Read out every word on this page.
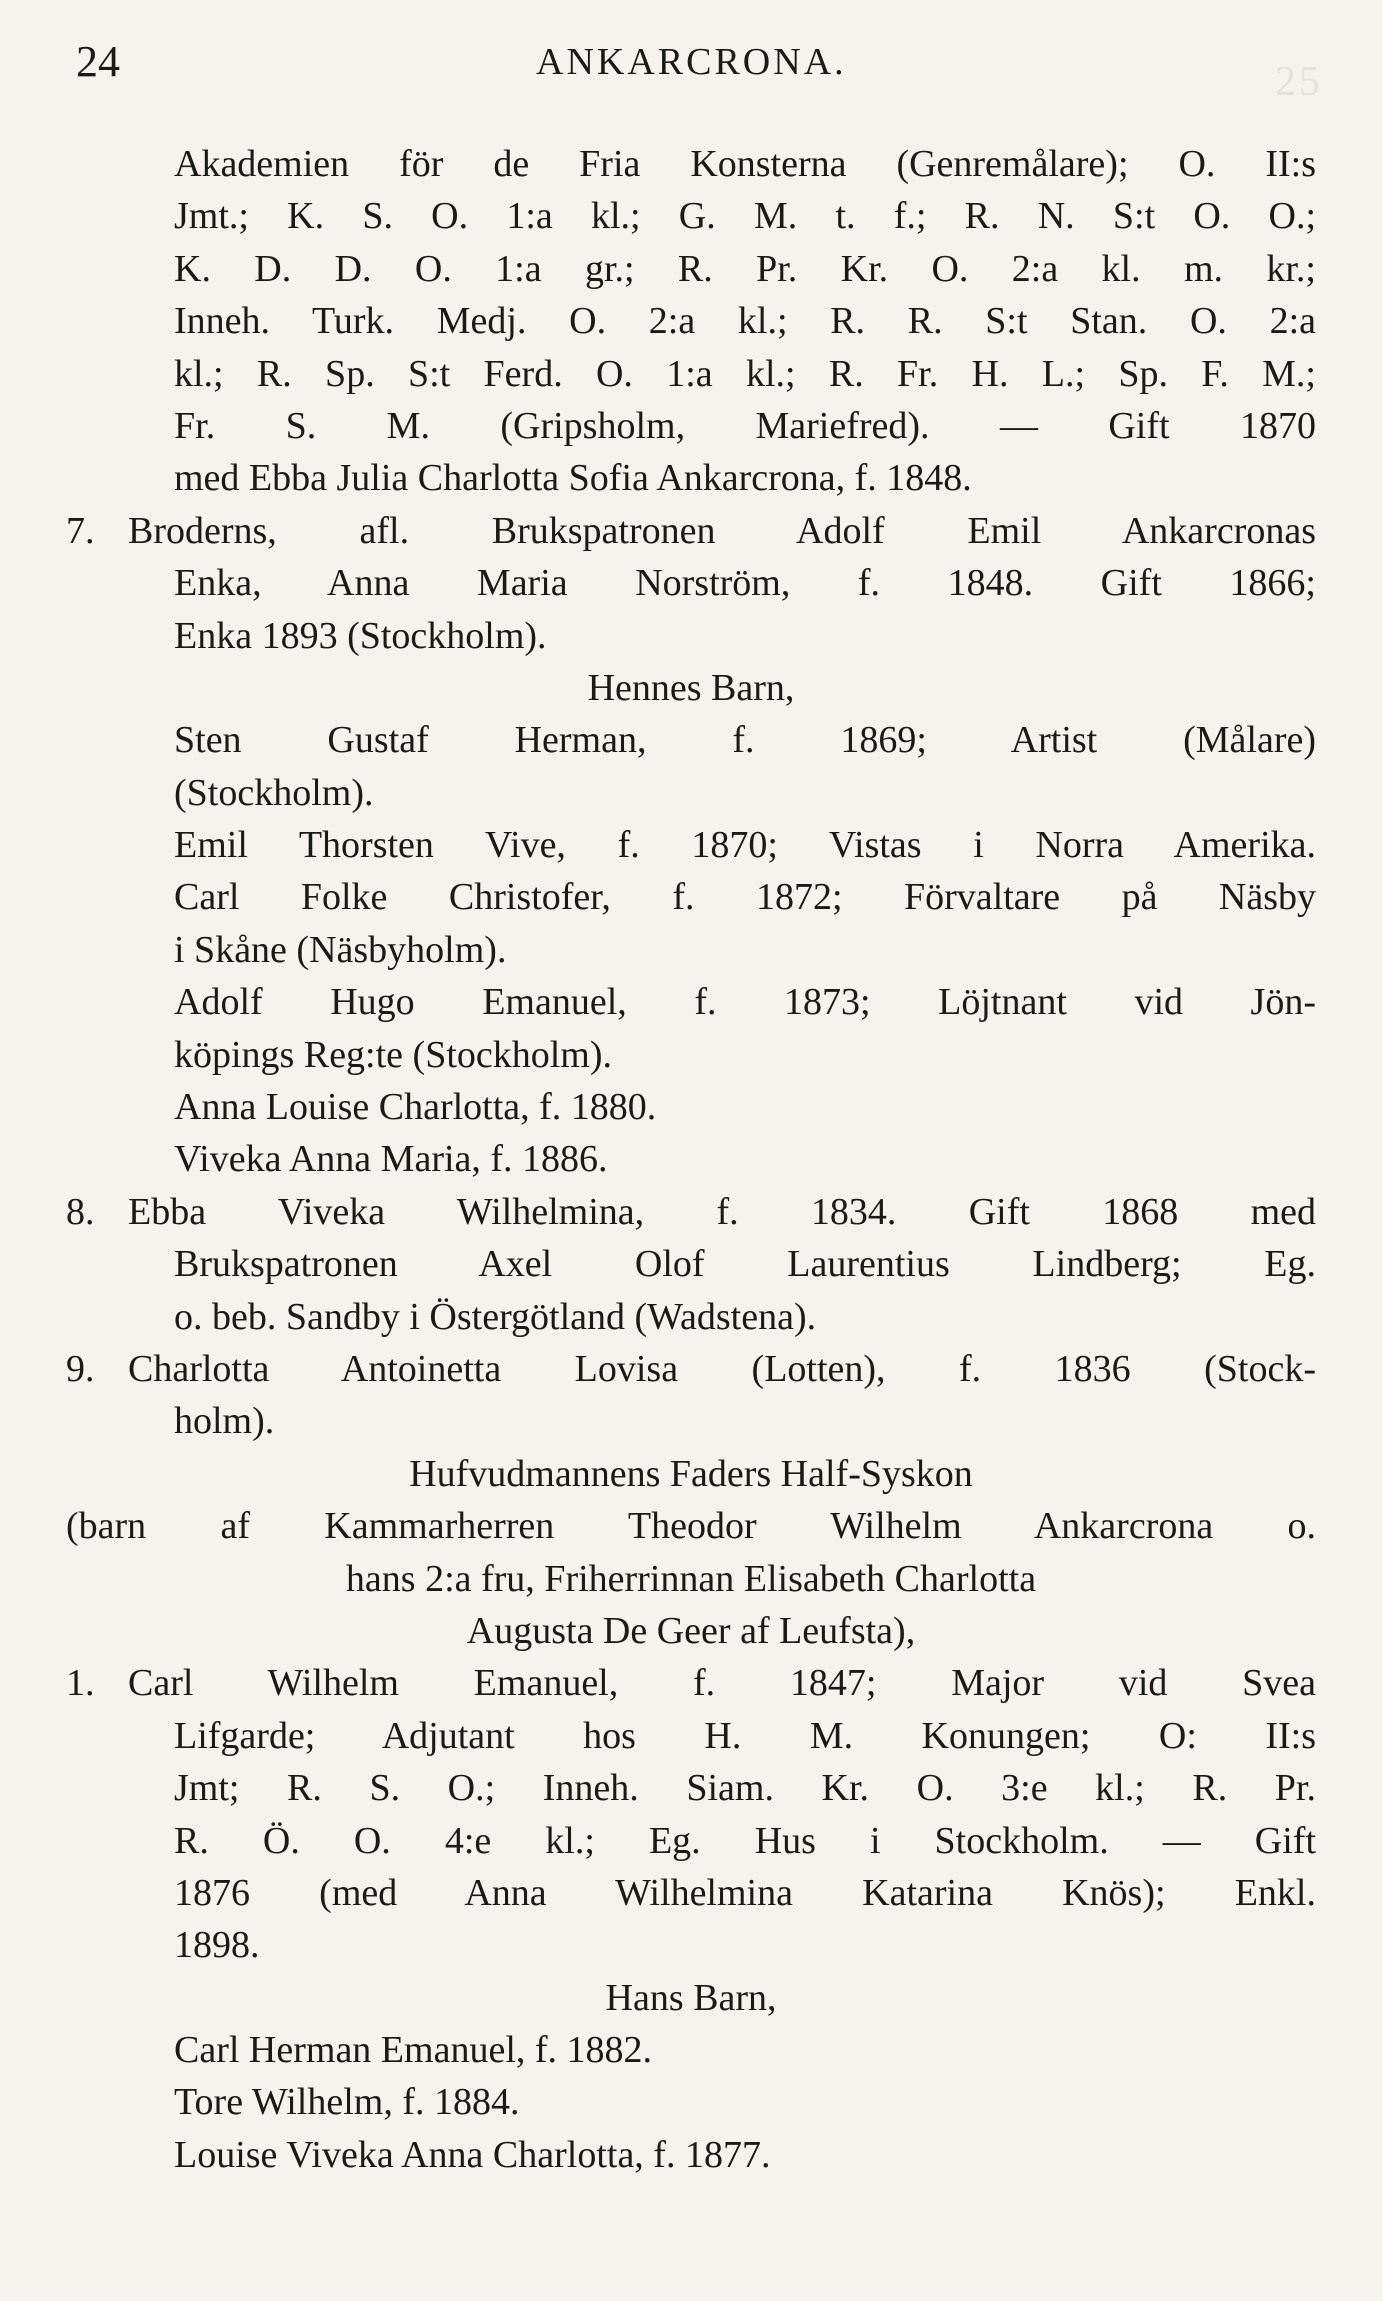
25
24	ANKARCRONA.
Akademien för de Fria Konsterna (Genremålare); O. II:s
Jmt.; K. S. O. 1:a kl.; G. M. t. f.; R. N. S:t O. O.;
K. D. D. O. 1:a gr.; R. Pr. Kr. O. 2:a kl. m. kr.;
Inneh. Turk. Medj. O. 2:a kl.; R. R. S:t Stan. O. 2:a
kl.; R. Sp. S:t Ferd. O. 1:a kl.; R. Fr. H. L.; Sp. F. M.;
Fr. S. M. (Gripsholm, Mariefred). — Gift 1870
med Ebba Julia Charlotta Sofia Ankarcrona, f. 1848.
7. Broderns, afl. Brukspatronen Adolf Emil Ankarcronas
Enka, Anna Maria Norström, f. 1848. Gift 1866;
Enka 1893 (Stockholm).
Hennes Barn,
Sten Gustaf Herman, f. 1869; Artist (Målare)
(Stockholm).
Emil Thorsten Vive, f. 1870; Vistas i Norra Amerika.
Carl Folke Christofer, f. 1872; Förvaltare på Näsby
i Skåne (Näsbyholm).
Adolf Hugo Emanuel, f. 1873; Löjtnant vid Jön-
köpings Reg:te (Stockholm).
Anna Louise Charlotta, f. 1880.
Viveka Anna Maria, f. 1886.
8. Ebba Viveka Wilhelmina, f. 1834. Gift 1868 med
Brukspatronen Axel Olof Laurentius Lindberg; Eg.
o. beb. Sandby i Östergötland (Wadstena).
9. Charlotta Antoinetta Lovisa (Lotten), f. 1836 (Stock-
holm).
Hufvudmannens Faders Half-Syskon
(barn af Kammarherren Theodor Wilhelm Ankarcrona o.
hans 2:a fru, Friherrinnan Elisabeth Charlotta
Augusta De Geer af Leufsta),
1. Carl Wilhelm Emanuel, f. 1847; Major vid Svea
Lifgarde; Adjutant hos H. M. Konungen; O: II:s
Jmt; R. S. O.; Inneh. Siam. Kr. O. 3:e kl.; R. Pr.
R. Ö. O. 4:e kl.; Eg. Hus i Stockholm. — Gift
1876 (med Anna Wilhelmina Katarina Knös); Enkl.
1898.
Hans Barn,
Carl Herman Emanuel, f. 1882.
Tore Wilhelm, f. 1884.
Louise Viveka Anna Charlotta, f. 1877.
